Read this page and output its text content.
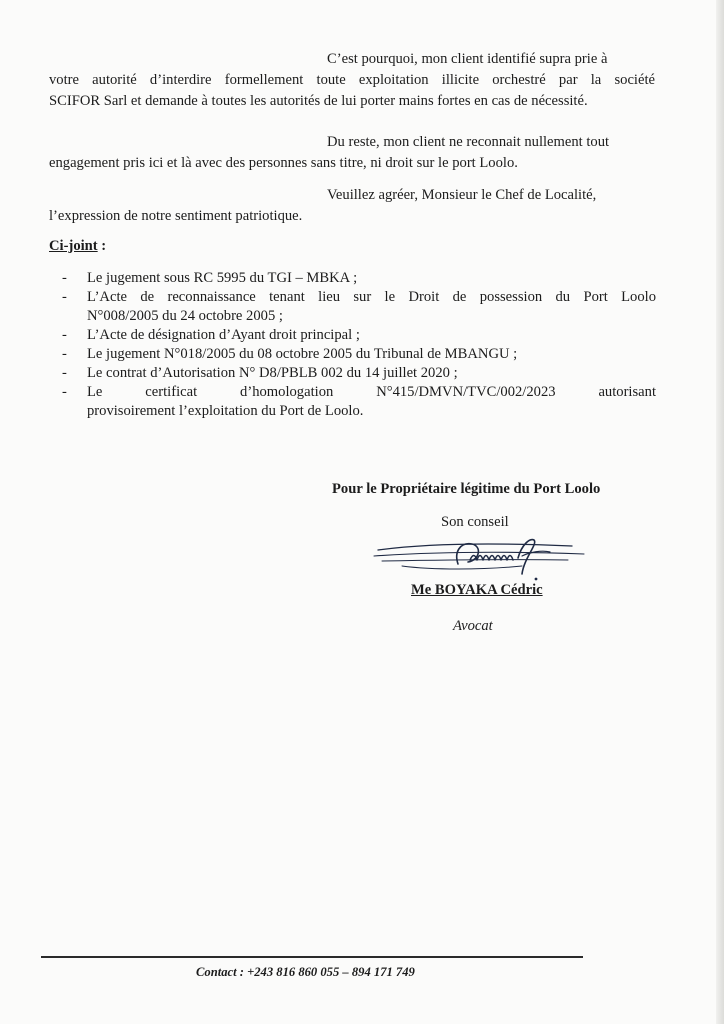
C’est pourquoi, mon client identifié supra prie à
votre autorité d’interdire formellement toute exploitation illicite orchestré par la société
SCIFOR Sarl et demande à toutes les autorités de lui porter mains fortes en cas de nécessité.

Du reste, mon client ne reconnait nullement tout
engagement pris ici et là avec des personnes sans titre, ni droit sur le port Loolo.

Veuillez agréer, Monsieur le Chef de Localité,
l’expression de notre sentiment patriotique.

Ci-joint :

- Le jugement sous RC 5995 du TGI – MBKA ;
- L’Acte de reconnaissance tenant lieu sur le Droit de possession du Port Loolo
N°008/2005 du 24 octobre 2005 ;
- L’Acte de désignation d’Ayant droit principal ;
- Le jugement N°018/2005 du 08 octobre 2005 du Tribunal de MBANGU ;
- Le contrat d’Autorisation N° D8/PBLB 002 du 14 juillet 2020 ;
- Le certificat d’homologation N°415/DMVN/TVC/002/2023 autorisant
provisoirement l’exploitation du Port de Loolo.

Pour le Propriétaire légitime du Port Loolo

Son conseil

Me BOYAKA Cédric

Avocat

Contact : +243 816 860 055 – 894 171 749
